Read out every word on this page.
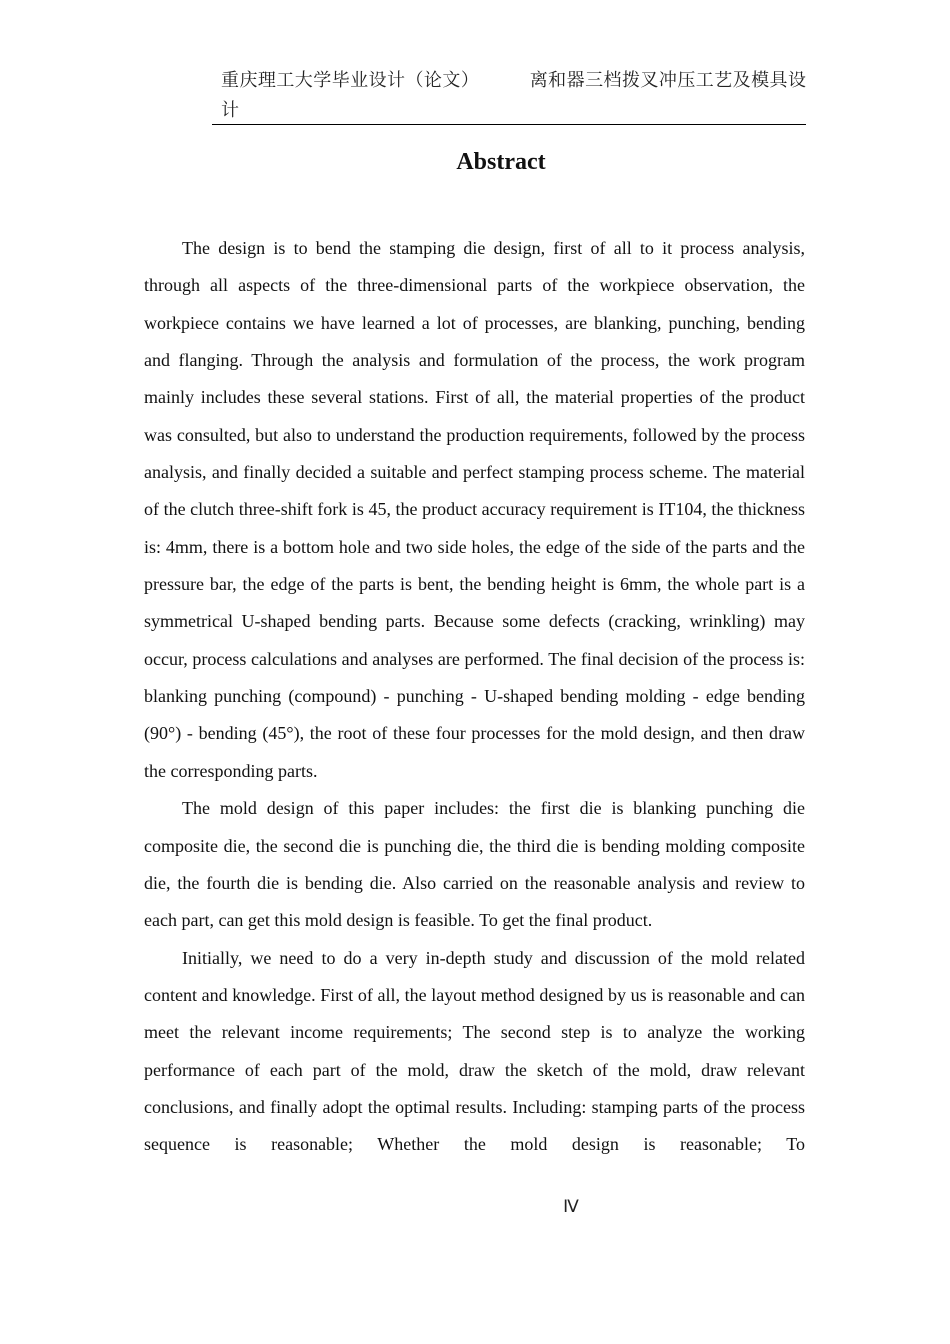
重庆理工大学毕业设计（论文）	离和器三档拨叉冲压工艺及模具设计
Abstract

The design is to bend the stamping die design, first of all to it process analysis, through all aspects of the three-dimensional parts of the workpiece observation, the workpiece contains we have learned a lot of processes, are blanking, punching, bending and flanging. Through the analysis and formulation of the process, the work program mainly includes these several stations. First of all, the material properties of the product was consulted, but also to understand the production requirements, followed by the process analysis, and finally decided a suitable and perfect stamping process scheme. The material of the clutch three-shift fork is 45, the product accuracy requirement is IT104, the thickness is: 4mm, there is a bottom hole and two side holes, the edge of the side of the parts and the pressure bar, the edge of the parts is bent, the bending height is 6mm, the whole part is a symmetrical U-shaped bending parts. Because some defects (cracking, wrinkling) may occur, process calculations and analyses are performed. The final decision of the process is: blanking punching (compound) - punching - U-shaped bending molding - edge bending (90°) - bending (45°), the root of these four processes for the mold design, and then draw the corresponding parts.

The mold design of this paper includes: the first die is blanking punching die composite die, the second die is punching die, the third die is bending molding composite die, the fourth die is bending die. Also carried on the reasonable analysis and review to each part, can get this mold design is feasible. To get the final product.

Initially, we need to do a very in-depth study and discussion of the mold related content and knowledge. First of all, the layout method designed by us is reasonable and can meet the relevant income requirements; The second step is to analyze the working performance of each part of the mold, draw the sketch of the mold, draw relevant conclusions, and finally adopt the optimal results. Including: stamping parts of the process sequence is reasonable; Whether the mold design is reasonable; To

Ⅳ
